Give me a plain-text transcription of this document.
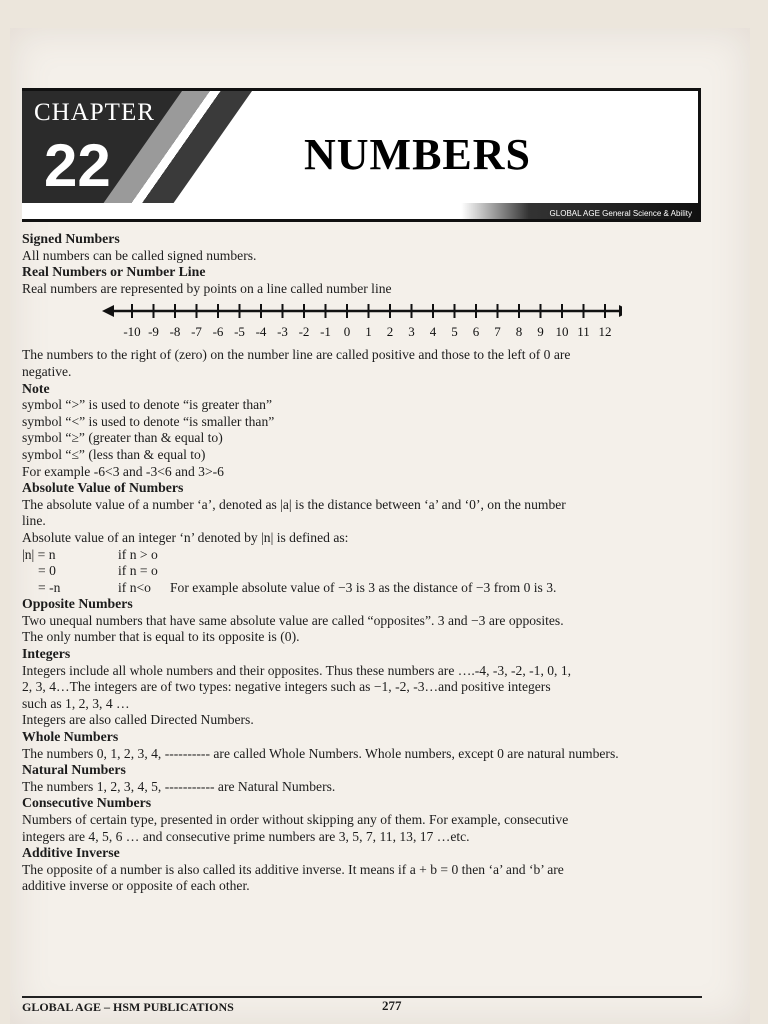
CHAPTER
22	NUMBERS
GLOBAL AGE General Science & Ability

Signed Numbers

All numbers can be called signed numbers.

Real Numbers or Number Line

Real numbers are represented by points on a line called number line

-10 -9 -8 -7 -6 -5 -4 -3 -2 -1 0 1 2 3 4 5 6 7 8 9 10 11 12

The numbers to the right of (zero) on the number line are called positive and those to the left of 0 are

negative.

Note

symbol “>” is used to denote “is greater than”

symbol “<” is used to denote “is smaller than”

symbol “≥” (greater than & equal to)

symbol “≤” (less than & equal to)

For example -6<3 and -3<6 and 3>-6

Absolute Value of Numbers

The absolute value of a number ‘a’, denoted as |a| is the distance between ‘a’ and ‘0’, on the number

line.

Absolute value of an integer ‘n’ denoted by |n| is defined as:

|n| = n	if n > o
= 0	if n = o
= -n	if n<o	For example absolute value of −3 is 3 as the distance of −3 from 0 is 3.

Opposite Numbers

Two unequal numbers that have same absolute value are called “opposites”. 3 and −3 are opposites.

The only number that is equal to its opposite is (0).

Integers

Integers include all whole numbers and their opposites. Thus these numbers are ….-4, -3, -2, -1, 0, 1,

2, 3, 4…The integers are of two types: negative integers such as −1, -2, -3…and positive integers

such as 1, 2, 3, 4 …

Integers are also called Directed Numbers.

Whole Numbers

The numbers 0, 1, 2, 3, 4, ---------- are called Whole Numbers. Whole numbers, except 0 are natural numbers.

Natural Numbers

The numbers 1, 2, 3, 4, 5, ----------- are Natural Numbers.

Consecutive Numbers

Numbers of certain type, presented in order without skipping any of them. For example, consecutive

integers are 4, 5, 6 … and consecutive prime numbers are 3, 5, 7, 11, 13, 17 …etc.

Additive Inverse

The opposite of a number is also called its additive inverse. It means if a + b = 0 then ‘a’ and ‘b’ are

additive inverse or opposite of each other.

GLOBAL AGE – HSM PUBLICATIONS	277
